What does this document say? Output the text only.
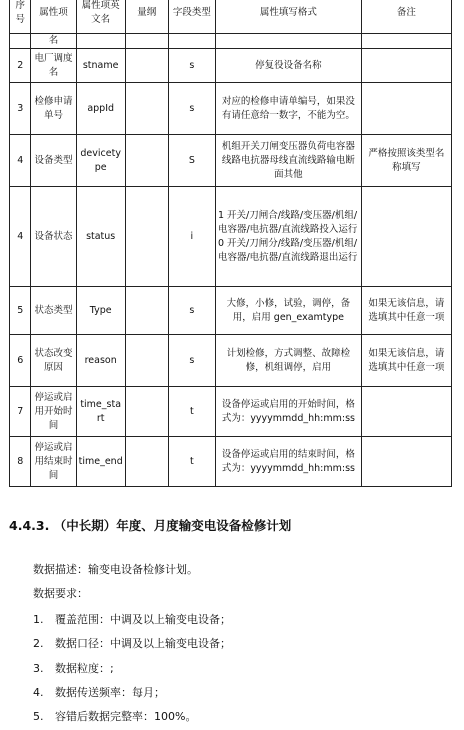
序号	属性项	属性项英文名	量纲	字段类型	属性填写格式	备注
	名					
2	电厂调度名	stname		s	停复役设备名称	
3	检修申请单号	appId		s	对应的检修申请单编号，如果没有请任意给一数字，不能为空。	
4	设备类型	devicetype		S	机组开关刀闸变压器负荷电容器线路电抗器母线直流线路输电断面其他	严格按照该类型名称填写
4	设备状态	status		i	1 开关/刀闸合/线路/变压器/机组/电容器/电抗器/直流线路投入运行
0 开关/刀闸分/线路/变压器/机组/电容器/电抗器/直流线路退出运行	
5	状态类型	Type		s	大修，小修，试验，调停，备用，启用 gen_examtype	如果无该信息，请选填其中任意一项
6	状态改变原因	reason		s	计划检修，方式调整、故障检修，机组调停，启用	如果无该信息，请选填其中任意一项
7	停运或启用开始时间	time_start		t	设备停运或启用的开始时间，格式为：yyyymmdd_hh:mm:ss	
8	停运或启用结束时间	time_end		t	设备停运或启用的结束时间，格式为：yyyymmdd_hh:mm:ss	
4.4.3. （中长期）年度、月度输变电设备检修计划
数据描述：输变电设备检修计划。
数据要求：
1. 覆盖范围：中调及以上输变电设备；
2. 数据口径：中调及以上输变电设备；
3. 数据粒度：;
4. 数据传送频率：每月；
5. 容错后数据完整率：100%。
